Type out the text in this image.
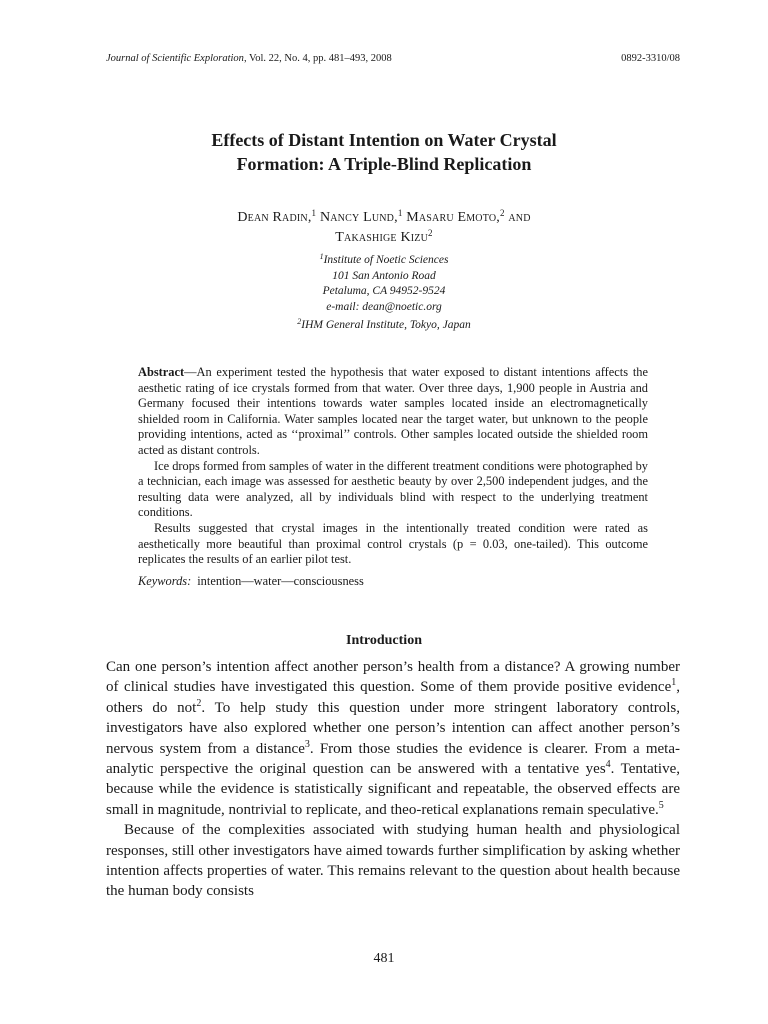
Journal of Scientific Exploration, Vol. 22, No. 4, pp. 481–493, 2008	0892-3310/08
Effects of Distant Intention on Water Crystal
Formation: A Triple-Blind Replication
Dean Radin,$^1$ Nancy Lund,$^1$ Masaru Emoto,$^2$ and
Takashige Kizu$^2$
$^1$Institute of Noetic Sciences
101 San Antonio Road
Petaluma, CA 94952-9524
e-mail: dean@noetic.org
$^2$IHM General Institute, Tokyo, Japan

Abstract—An experiment tested the hypothesis that water exposed to distant intentions affects the aesthetic rating of ice crystals formed from that water. Over three days, 1,900 people in Austria and Germany focused their intentions towards water samples located inside an electromagnetically shielded room in California. Water samples located near the target water, but unknown to the people providing intentions, acted as ‘‘proximal’’ controls. Other samples located outside the shielded room acted as distant controls.

Ice drops formed from samples of water in the different treatment conditions were photographed by a technician, each image was assessed for aesthetic beauty by over 2,500 independent judges, and the resulting data were analyzed, all by individuals blind with respect to the underlying treatment conditions.

Results suggested that crystal images in the intentionally treated condition were rated as aesthetically more beautiful than proximal control crystals (p = 0.03, one-tailed). This outcome replicates the results of an earlier pilot test.

Keywords: intention—water—consciousness

Introduction

Can one person’s intention affect another person’s health from a distance? A growing number of clinical studies have investigated this question. Some of them provide positive evidence$^1$, others do not$^2$. To help study this question under more stringent laboratory controls, investigators have also explored whether one person’s intention can affect another person’s nervous system from a distance$^3$. From those studies the evidence is clearer. From a meta-analytic perspective the original question can be answered with a tentative yes$^4$. Tentative, because while the evidence is statistically significant and repeatable, the observed effects are small in magnitude, nontrivial to replicate, and theo-retical explanations remain speculative.$^5$

Because of the complexities associated with studying human health and physiological responses, still other investigators have aimed towards further simplification by asking whether intention affects properties of water. This remains relevant to the question about health because the human body consists

481
